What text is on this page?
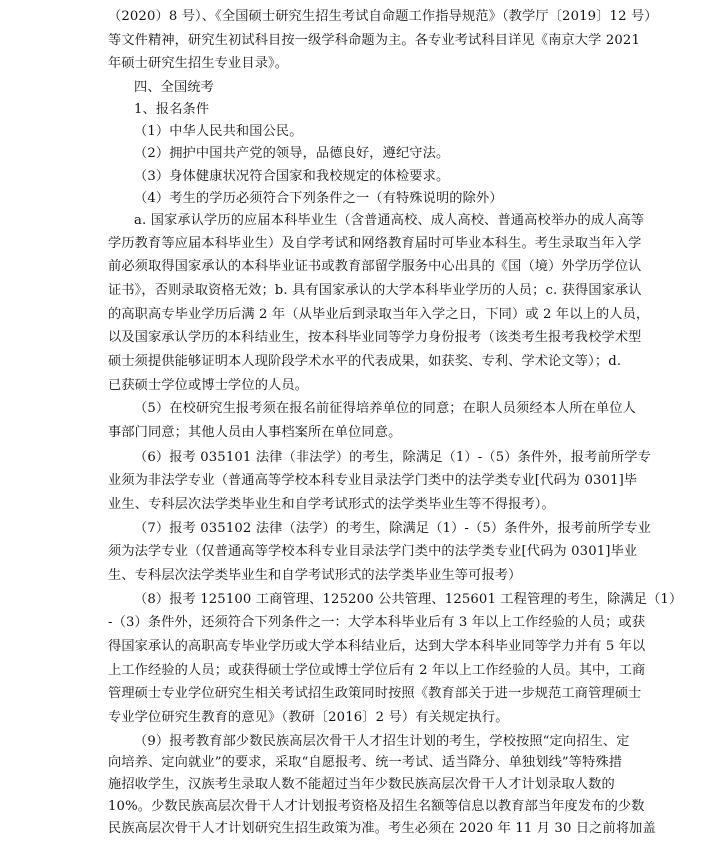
（2020）8 号）、《全国硕士研究生招生考试自命题工作指导规范》（教学厅〔2019〕12 号）
等文件精神，研究生初试科目按一级学科命题为主。各专业考试科目详见《南京大学 2021
年硕士研究生招生专业目录》。
四、全国统考
1、报名条件
（1）中华人民共和国公民。
（2）拥护中国共产党的领导，品德良好，遵纪守法。
（3）身体健康状况符合国家和我校规定的体检要求。
（4）考生的学历必须符合下列条件之一（有特殊说明的除外）
a. 国家承认学历的应届本科毕业生（含普通高校、成人高校、普通高校举办的成人高等
学历教育等应届本科毕业生）及自学考试和网络教育届时可毕业本科生。考生录取当年入学
前必须取得国家承认的本科毕业证书或教育部留学服务中心出具的《国（境）外学历学位认
证书》，否则录取资格无效；b. 具有国家承认的大学本科毕业学历的人员；c. 获得国家承认
的高职高专毕业学历后满 2 年（从毕业后到录取当年入学之日，下同）或 2 年以上的人员，
以及国家承认学历的本科结业生，按本科毕业同等学力身份报考（该类考生报考我校学术型
硕士须提供能够证明本人现阶段学术水平的代表成果，如获奖、专利、学术论文等）；d.
已获硕士学位或博士学位的人员。
（5）在校研究生报考须在报名前征得培养单位的同意；在职人员须经本人所在单位人
事部门同意；其他人员由人事档案所在单位同意。
（6）报考 035101 法律（非法学）的考生，除满足（1）-（5）条件外，报考前所学专
业须为非法学专业（普通高等学校本科专业目录法学门类中的法学类专业[代码为 0301]毕
业生、专科层次法学类毕业生和自学考试形式的法学类毕业生等不得报考）。
（7）报考 035102 法律（法学）的考生，除满足（1）-（5）条件外，报考前所学专业
须为法学专业（仅普通高等学校本科专业目录法学门类中的法学类专业[代码为 0301]毕业
生、专科层次法学类毕业生和自学考试形式的法学类毕业生等可报考）
（8）报考 125100 工商管理、125200 公共管理、125601 工程管理的考生，除满足（1）
-（3）条件外，还须符合下列条件之一：大学本科毕业后有 3 年以上工作经验的人员；或获
得国家承认的高职高专毕业学历或大学本科结业后，达到大学本科毕业同等学力并有 5 年以
上工作经验的人员；或获得硕士学位或博士学位后有 2 年以上工作经验的人员。其中，工商
管理硕士专业学位研究生相关考试招生政策同时按照《教育部关于进一步规范工商管理硕士
专业学位研究生教育的意见》（教研〔2016〕2 号）有关规定执行。
（9）报考教育部少数民族高层次骨干人才招生计划的考生，学校按照“定向招生、定
向培养、定向就业”的要求，采取“自愿报考、统一考试、适当降分、单独划线”等特殊措
施招收学生，汉族考生录取人数不能超过当年少数民族高层次骨干人才计划录取人数的
10%。少数民族高层次骨干人才计划报考资格及招生名额等信息以教育部当年度发布的少数
民族高层次骨干人才计划研究生招生政策为准。考生必须在 2020 年 11 月 30 日之前将加盖
